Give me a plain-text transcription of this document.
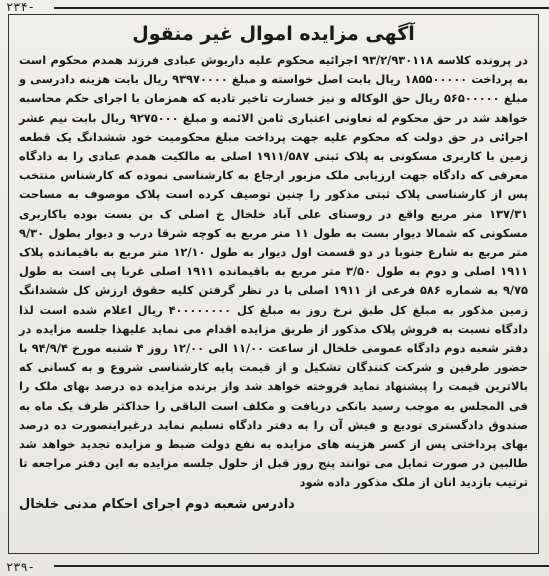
۲۳۴-
آگهی مزایده اموال غیر منقول

در پرونده کلاسه ۹۳/۲/۹۳۰۱۱۸ اجرائیه محکوم علیه داریوش عبادی فرزند همدم محکوم است به پرداخت ۱۸۵۵۰۰۰۰۰ ریال بابت اصل خواسته و مبلغ ۹۳۹۷۰۰۰۰ ریال بابت هزینه دادرسی و مبلغ ۵۶۵۰۰۰۰۰ ریال حق الوکاله و نیز خسارت تاخیر تادیه که همزمان با اجرای حکم محاسبه خواهد شد در حق محکوم له تعاونی اعتباری ثامن الائمه و مبلغ ۹۲۷۵۰۰۰ ریال بابت نیم عشر اجرائی در حق دولت که محکوم علیه جهت پرداخت مبلغ محکومیت خود ششدانگ یک قطعه زمین با کاربری مسکونی به پلاک ثبتی ۱۹۱۱/۵۸۷ اصلی به مالکیت همدم عبادی را به دادگاه معرفی که دادگاه جهت ارزیابی ملک مزبور ارجاع به کارشناسی نموده که کارشناس منتخب پس از کارشناسی پلاک ثبتی مذکور را چنین توصیف کرده است پلاک موصوف به مساحت ۱۳۷/۳۱ متر مربع واقع در روستای علی آباد خلخال خ اصلی ک بن بست بوده باکاربری مسکونی که شمالا دیوار بست به طول ۱۱ متر مربع به کوچه شرقا درب و دیوار بطول ۹/۳۰ متر مربع به شارع جنوبا در دو قسمت اول دیوار به طول ۱۲/۱۰ متر مربع به باقیمانده پلاک ۱۹۱۱ اصلی و دوم به طول ۳/۵۰ متر مربع به باقیمانده ۱۹۱۱ اصلی غربا پی است به طول ۹/۷۵ به شماره ۵۸۶ فرعی از ۱۹۱۱ اصلی با در نظر گرفتن کلیه حقوق ارزش کل ششدانگ زمین مذکور به مبلغ کل طبق نرخ روز به مبلغ کل ۴۰۰۰۰۰۰۰۰ ریال اعلام شده است لذا دادگاه نسبت به فروش پلاک مذکور از طریق مزایده اقدام می نماید علیهذا جلسه مزایده در دفتر شعبه دوم دادگاه عمومی خلخال از ساعت ۱۱/۰۰ الی ۱۲/۰۰ روز ۴ شنبه مورخ ۹۴/۹/۴ با حضور طرفین و شرکت کنندگان تشکیل و از قیمت پایه کارشناسی شروع و به کسانی که بالاترین قیمت را پیشنهاد نماید فروخته خواهد شد واز برنده مزایده ده درصد بهای ملک را فی المجلس به موجب رسید بانکی دریافت و مکلف است الباقی را حداکثر ظرف یک ماه به صندوق دادگستری تودیع و فیش آن را به دفتر دادگاه تسلیم نماید درغیراینصورت ده درصد بهای پرداختی پس از کسر هزینه های مزایده به نفع دولت ضبط و مزایده تجدید خواهد شد طالبین در صورت تمایل می توانند پنج روز قبل از حلول جلسه مزایده به این دفتر مراجعه تا ترتیب بازدید انان از ملک مذکور داده شود

دادرس شعبه دوم اجرای احکام مدنی خلخال
۲۳۹-
